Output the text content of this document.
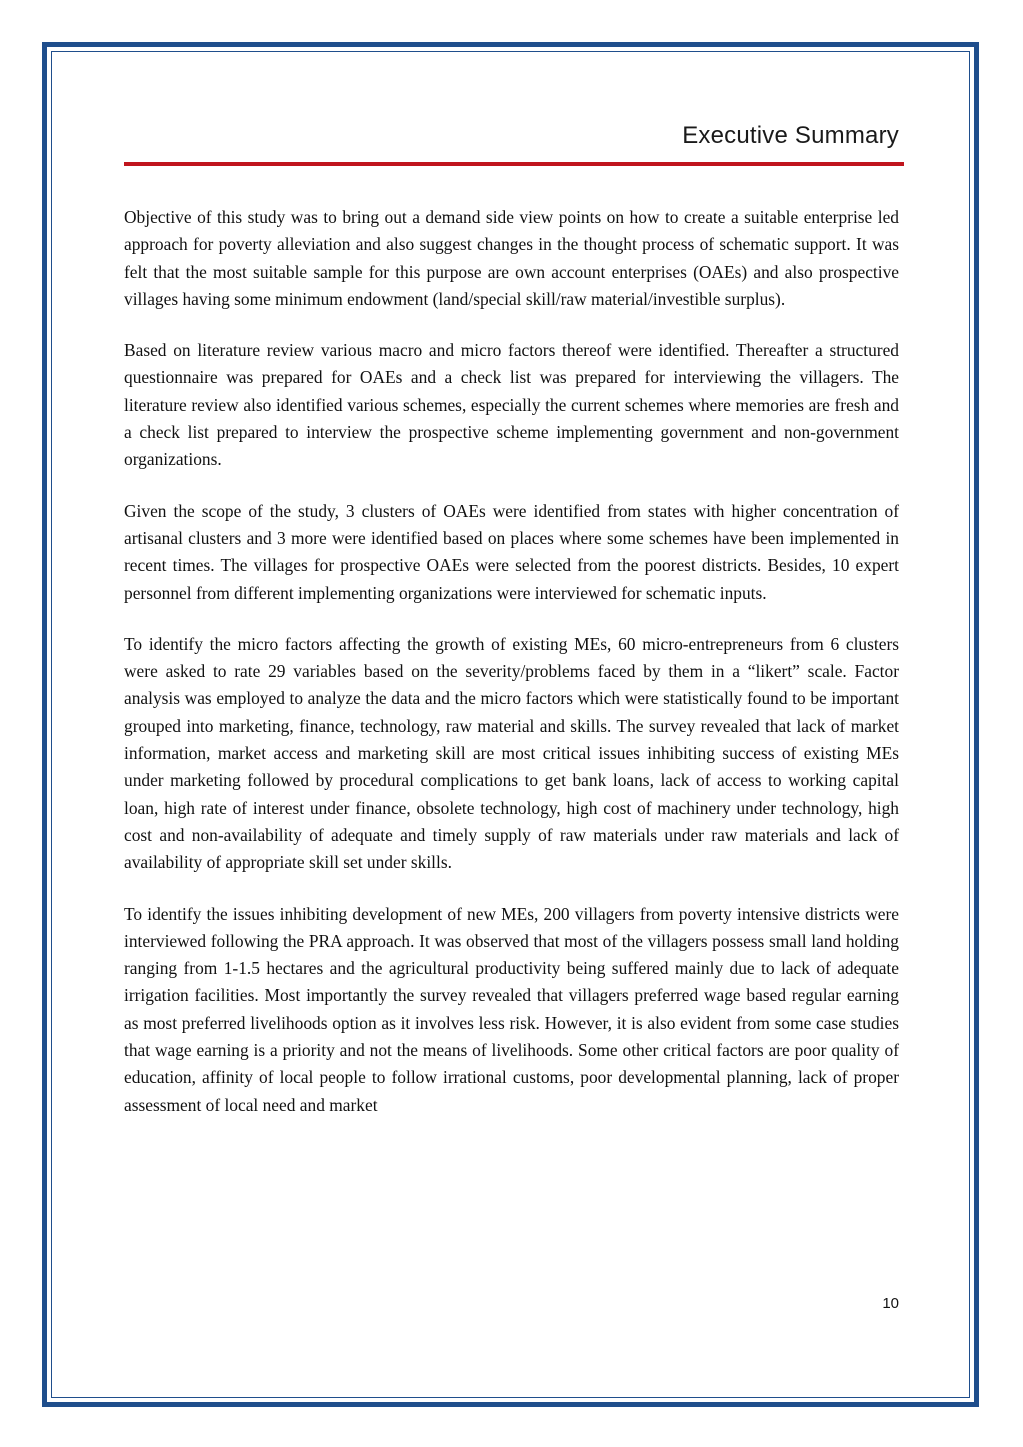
Executive Summary

Objective of this study was to bring out a demand side view points on how to create a suitable enterprise led approach for poverty alleviation and also suggest changes in the thought process of schematic support. It was felt that the most suitable sample for this purpose are own account enterprises (OAEs) and also prospective villages having some minimum endowment (land/special skill/raw material/investible surplus).

Based on literature review various macro and micro factors thereof were identified. Thereafter a structured questionnaire was prepared for OAEs and a check list was prepared for interviewing the villagers. The literature review also identified various schemes, especially the current schemes where memories are fresh and a check list prepared to interview the prospective scheme implementing government and non-government organizations.

Given the scope of the study, 3 clusters of OAEs were identified from states with higher concentration of artisanal clusters and 3 more were identified based on places where some schemes have been implemented in recent times. The villages for prospective OAEs were selected from the poorest districts. Besides, 10 expert personnel from different implementing organizations were interviewed for schematic inputs.

To identify the micro factors affecting the growth of existing MEs, 60 micro-entrepreneurs from 6 clusters were asked to rate 29 variables based on the severity/problems faced by them in a “likert” scale. Factor analysis was employed to analyze the data and the micro factors which were statistically found to be important grouped into marketing, finance, technology, raw material and skills. The survey revealed that lack of market information, market access and marketing skill are most critical issues inhibiting success of existing MEs under marketing followed by procedural complications to get bank loans, lack of access to working capital loan, high rate of interest under finance, obsolete technology, high cost of machinery under technology, high cost and non-availability of adequate and timely supply of raw materials under raw materials and lack of availability of appropriate skill set under skills.

To identify the issues inhibiting development of new MEs, 200 villagers from poverty intensive districts were interviewed following the PRA approach. It was observed that most of the villagers possess small land holding ranging from 1-1.5 hectares and the agricultural productivity being suffered mainly due to lack of adequate irrigation facilities. Most importantly the survey revealed that villagers preferred wage based regular earning as most preferred livelihoods option as it involves less risk. However, it is also evident from some case studies that wage earning is a priority and not the means of livelihoods. Some other critical factors are poor quality of education, affinity of local people to follow irrational customs, poor developmental planning, lack of proper assessment of local need and market

10
